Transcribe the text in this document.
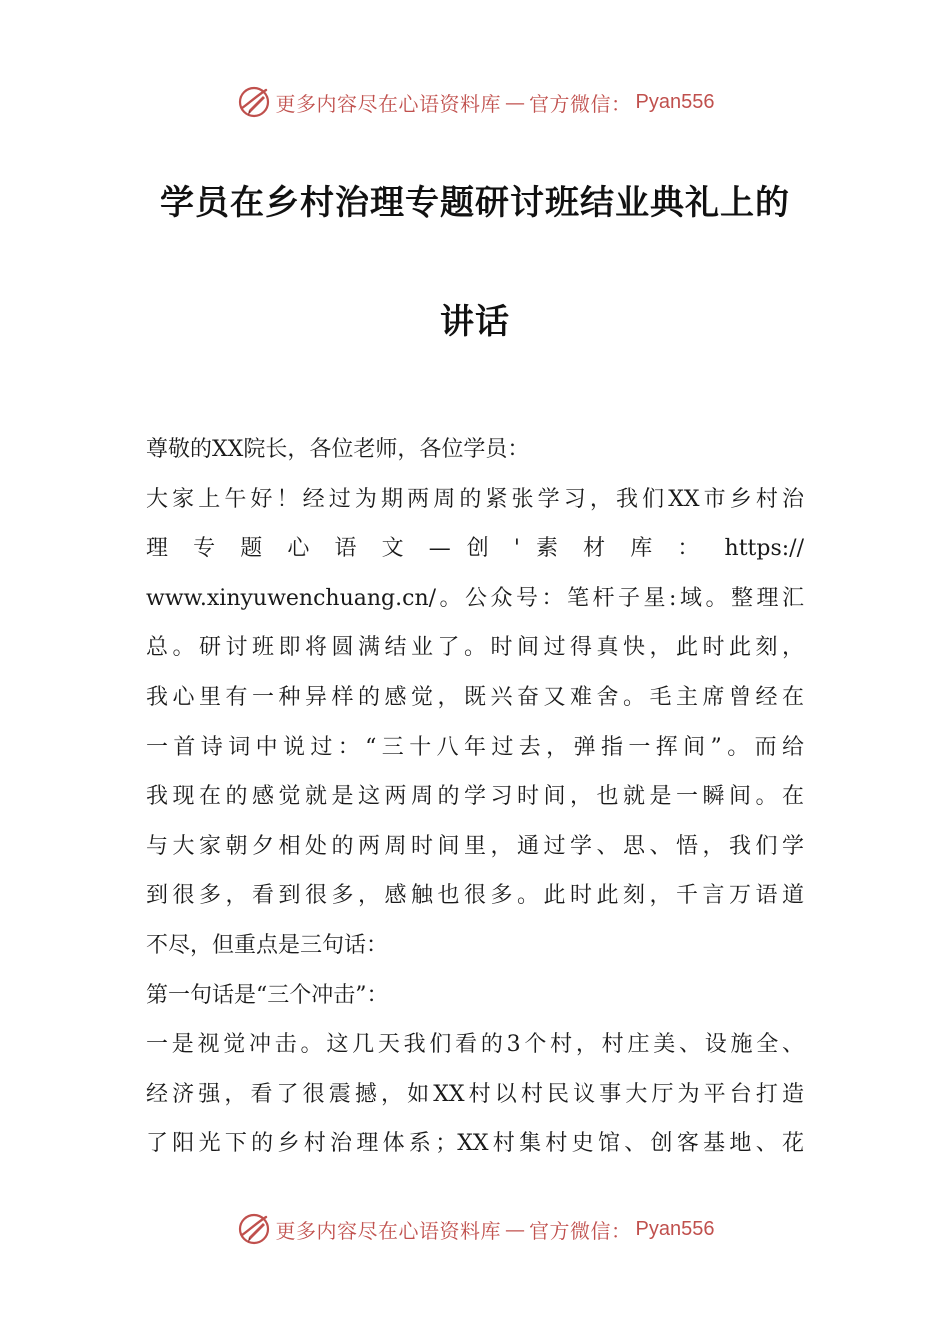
更多内容尽在心语资料库 — 官方微信： Pyan556
学员在乡村治理专题研讨班结业典礼上的
讲话

尊敬的XX院长，各位老师，各位学员：

大家上午好！经过为期两周的紧张学习，我们XX市乡村治

理 专 题 心 语 文 — 创 ' 素 材 库 ： https://

www.xinyuwenchuang.cn/。公众号：笔杆子星:域。整理汇

总。研讨班即将圆满结业了。时间过得真快，此时此刻，

我心里有一种异样的感觉，既兴奋又难舍。毛主席曾经在

一首诗词中说过：“三十八年过去，弹指一挥间”。而给

我现在的感觉就是这两周的学习时间，也就是一瞬间。在

与大家朝夕相处的两周时间里，通过学、思、悟，我们学

到很多，看到很多，感触也很多。此时此刻，千言万语道

不尽，但重点是三句话：

第一句话是“三个冲击”：

一是视觉冲击。这几天我们看的3个村，村庄美、设施全、

经济强，看了很震撼，如XX村以村民议事大厅为平台打造

了阳光下的乡村治理体系；XX村集村史馆、创客基地、花

更多内容尽在心语资料库 — 官方微信： Pyan556
